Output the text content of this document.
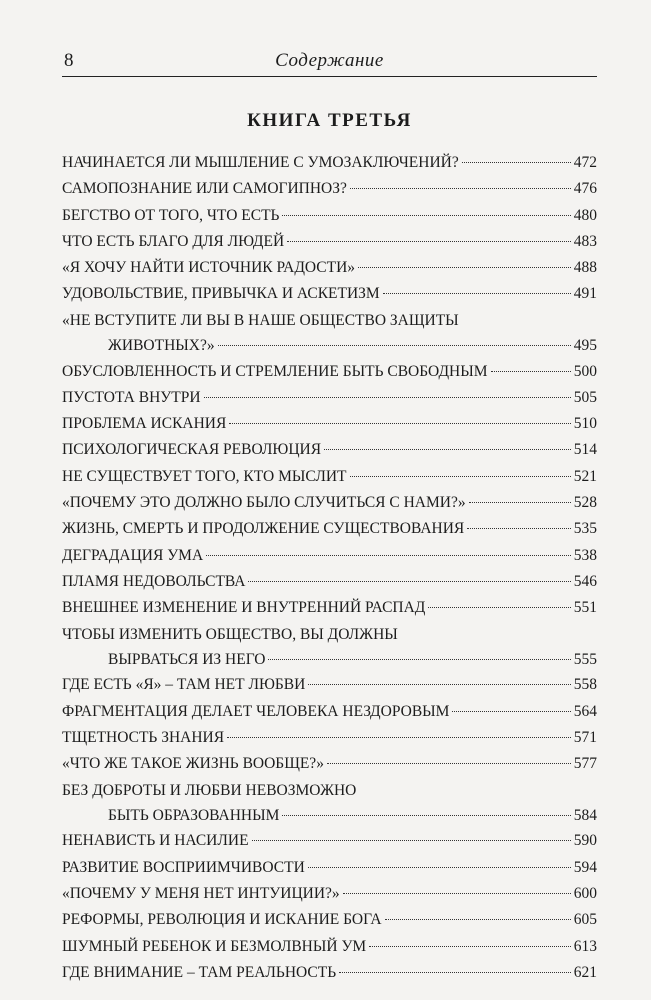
8	Содержание
КНИГА ТРЕТЬЯ
НАЧИНАЕТСЯ ЛИ МЫШЛЕНИЕ С УМОЗАКЛЮЧЕНИЙ?	472
САМОПОЗНАНИЕ ИЛИ САМОГИПНОЗ?	476
БЕГСТВО ОТ ТОГО, ЧТО ЕСТЬ	480
ЧТО ЕСТЬ БЛАГО ДЛЯ ЛЮДЕЙ	483
«Я ХОЧУ НАЙТИ ИСТОЧНИК РАДОСТИ»	488
УДОВОЛЬСТВИЕ, ПРИВЫЧКА И АСКЕТИЗМ	491
«НЕ ВСТУПИТЕ ЛИ ВЫ В НАШЕ ОБЩЕСТВО ЗАЩИТЫ
ЖИВОТНЫХ?»	495
ОБУСЛОВЛЕННОСТЬ И СТРЕМЛЕНИЕ БЫТЬ СВОБОДНЫМ	500
ПУСТОТА ВНУТРИ	505
ПРОБЛЕМА ИСКАНИЯ	510
ПСИХОЛОГИЧЕСКАЯ РЕВОЛЮЦИЯ	514
НЕ СУЩЕСТВУЕТ ТОГО, КТО МЫСЛИТ	521
«ПОЧЕМУ ЭТО ДОЛЖНО БЫЛО СЛУЧИТЬСЯ С НАМИ?»	528
ЖИЗНЬ, СМЕРТЬ И ПРОДОЛЖЕНИЕ СУЩЕСТВОВАНИЯ	535
ДЕГРАДАЦИЯ УМА	538
ПЛАМЯ НЕДОВОЛЬСТВА	546
ВНЕШНЕЕ ИЗМЕНЕНИЕ И ВНУТРЕННИЙ РАСПАД	551
ЧТОБЫ ИЗМЕНИТЬ ОБЩЕСТВО, ВЫ ДОЛЖНЫ
ВЫРВАТЬСЯ ИЗ НЕГО	555
ГДЕ ЕСТЬ «Я» – ТАМ НЕТ ЛЮБВИ	558
ФРАГМЕНТАЦИЯ ДЕЛАЕТ ЧЕЛОВЕКА НЕЗДОРОВЫМ	564
ТЩЕТНОСТЬ ЗНАНИЯ	571
«ЧТО ЖЕ ТАКОЕ ЖИЗНЬ ВООБЩЕ?»	577
БЕЗ ДОБРОТЫ И ЛЮБВИ НЕВОЗМОЖНО
БЫТЬ ОБРАЗОВАННЫМ	584
НЕНАВИСТЬ И НАСИЛИЕ	590
РАЗВИТИЕ ВОСПРИИМЧИВОСТИ	594
«ПОЧЕМУ У МЕНЯ НЕТ ИНТУИЦИИ?»	600
РЕФОРМЫ, РЕВОЛЮЦИЯ И ИСКАНИЕ БОГА	605
ШУМНЫЙ РЕБЕНОК И БЕЗМОЛВНЫЙ УМ	613
ГДЕ ВНИМАНИЕ – ТАМ РЕАЛЬНОСТЬ	621
